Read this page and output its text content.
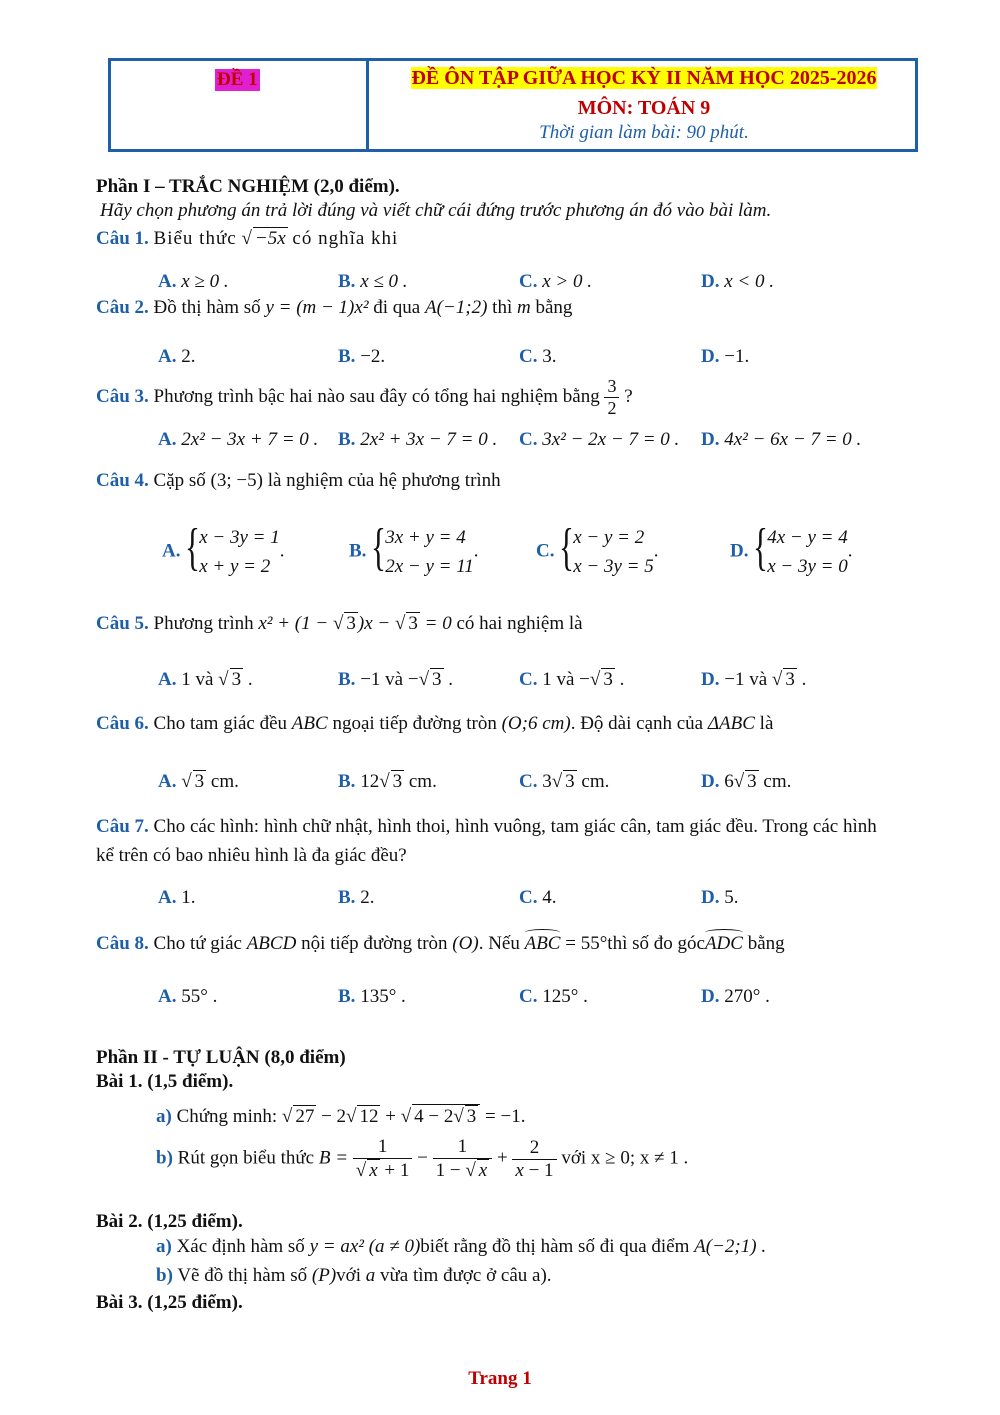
ĐỀ 1	ĐỀ ÔN TẬP GIỮA HỌC KỲ II NĂM HỌC 2025-2026
MÔN: TOÁN 9
Thời gian làm bài: 90 phút.
Phần I – TRẮC NGHIỆM (2,0 điểm).
Hãy chọn phương án trả lời đúng và viết chữ cái đứng trước phương án đó vào bài làm.
Câu 1. Biểu thức √ −5x có nghĩa khi
A. x ≥ 0 .	B. x ≤ 0 .	C. x > 0 .	D. x < 0 .
Câu 2. Đồ thị hàm số y = (m − 1)x² đi qua A(−1;2) thì m bằng
A. 2.	B. −2.	C. 3.	D. −1.
Câu 3. Phương trình bậc hai nào sau đây có tổng hai nghiệm bằng $\frac{3}{2}$ ?
A. 2x² − 3x + 7 = 0 . B. 2x² + 3x − 7 = 0 . C. 3x² − 2x − 7 = 0 . D. 4x² − 6x − 7 = 0 .
Câu 4. Cặp số (3; −5) là nghiệm của hệ phương trình
A. { x − 3y = 1
x + y = 2
.	B. { 3x + y = 4
2x − y = 11
.	C. { x − y = 2
x − 3y = 5
.	D. { 4x − y = 4
x − 3y = 0
.
Câu 5. Phương trình x² + (1 − √ 3 )x − √ 3 = 0 có hai nghiệm là
A. 1 và √ 3 .	B. −1 và − √ 3 .	C. 1 và − √ 3 .	D. −1 và √ 3 .
Câu 6. Cho tam giác đều ABC ngoại tiếp đường tròn (O;6 cm). Độ dài cạnh của ΔABC là
A. √ 3 cm.	B. 12 √ 3 cm.	C. 3 √ 3 cm.	D. 6 √ 3 cm.
Câu 7. Cho các hình: hình chữ nhật, hình thoi, hình vuông, tam giác cân, tam giác đều. Trong các hình
kể trên có bao nhiêu hình là đa giác đều?
A. 1.	B. 2.	C. 4.	D. 5.
Câu 8. Cho tứ giác ABCD nội tiếp đường tròn (O). Nếu ABC = 55°thì số đo gócADC bằng
A. 55° .	B. 135° .	C. 125° .	D. 270° .
Phần II - TỰ LUẬN (8,0 điểm)
Bài 1. (1,5 điểm).
a) Chứng minh: √ 27 − 2 √ 12 + √ 4 − 2 √ 3 = −1.
b) Rút gọn biểu thức B = 1
√ $x + 1 - \frac{1}{1 - √ x} + \frac{2}{x - 1}$ với x ≥ 0; x ≠ 1 .
Bài 2. (1,25 điểm).
a) Xác định hàm số y = ax² (a ≠ 0)biết rằng đồ thị hàm số đi qua điểm A(−2;1) .
b) Vẽ đồ thị hàm số (P)với a vừa tìm được ở câu a).
Bài 3. (1,25 điểm).
Trang 1
